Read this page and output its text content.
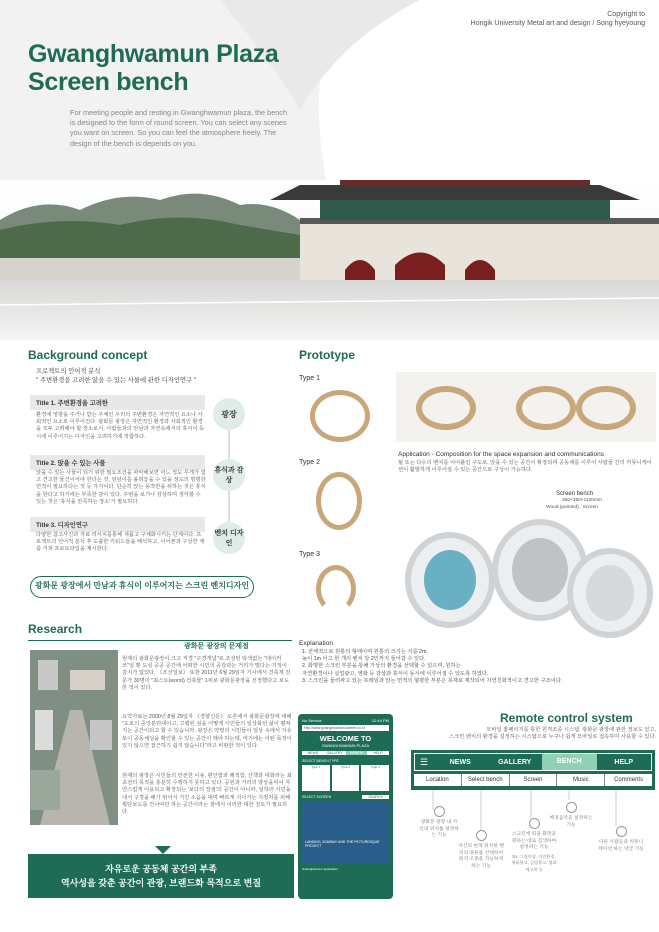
Copyright to
Hongik University Metal art and design / Song hyeyoung
Gwanghwamun Plaza
Screen bench
For meeting people and resting in Gwanghwamun plaza, the bench is designed to the form of round screen. You can select any scenes you want on screen. So you can feel the atmosphere freely. The design of the bench is depends on you.
Background concept
프로젝트의 언어적 분석
" 주변환경을 고려한 앉을 수 있는 사물에 관한 디자인연구 "
Title 1. 주변환경을 고려한
환경에 영향을 주거나 받는 주체인 우리의 주변환경은 자연적인 요소나 사회적인 요소로 이루어진다. 광화문 광장은 자연적인 환경과 사회적인 환경을 모두 고려해야 할 장소로서, 사람들과의 만남과 자연속에서의 휴식이 동시에 이루어지는 디자인을 고려하기에 적합하다.
Title 2. 앉을 수 있는 사물
앉을 수 있는 사물이 되기 위한 필요조건을 파악해보면 어느 정도 무게가 없고 견고한 물건이어야 한다는 것, 엉덩이를 올려놓을 수 있을 정도의 평평한 면적이 필요하다는 것 등 가지이다. 단순히 앉는 동작만을 위하는 것은 휴식을 한다고 하기에는 부족한 감이 있다. 주변을 보거나 감상하며 생각할 수 있는 것은 '휴식을 만족하는 장소'가 필요하다.
Title 3. 디자인연구
다양한 참고사진과 자료 리서치를통해 새롭고 구체화시키는 단계이다. 프로젝트의 언어적 분석 후 도출한 키워드들을 해석하고, 이어폰과 구상한 계를 거쳐 프로토타입을 제시한다.
광장
휴식과 감상
벤치 디자인
광화문 광장에서 만남과 휴식이 이루어지는 스크린 벤치디자인
Prototype
Type 1
Type 2
Type 3
Application - Composition for the space expansion and communications
될 또는 다수의 벤치를 이어붙인 구도로, 앉을 수 있는 공간이 확장되며 공동체를 이루어 사람들 간의 커뮤니케이션이 활발하게 이루어질 수 있는 공간으로 구성이 가능하다.
Screen bench
350×350×1100mm
Wood (painted) , Screen
Explanation
1. 전체적으로 원통의 형태이며 원통의 크기는 지름 2m,
높이 1m 이고 한 개의 벤치 당 2인까지 들어갈 수 있다.
2. 화명한 스크린 부분을 통해 가상의 환경을 선택할 수 있으며, 원하는
자연환경이나 실업광고, 영화 등 감상과 휴식이 동시에 이루어질 수 있도록 하였다.
3. 스크린을 둘러싸고 있는 프레임과 앉는 면적의 형평한 부분은 목재로 제작되어 자연친화적이고 견고한 구조이다.
Research
광화문 광장의 문제점
현재의 광화문광장이 크고 직경 "구경개념"로 조성된 탁색없는 "테이커쓰"일 뿐 도심 공공 공간에 어떠한 시민의 공감과는 거리가 멀다는 지적이 감지가 없었다. 《조선일보》 또한 2011년 6월 29일자 기사에서 건축계 전문가 30명이 "최스토(worst) 건축물" 1위로 광화문광장을 선정했다고 보도한 적이 있다.
요약자료는 2000년 8월 29일자 《경향신문》 토론에서 광화문광장에 대해 "도로의 중앙분리대이고, 고립된 섬을 어떻게 시민들의 일상화된 삶이 펼쳐지는 공간이되고 할 수 있습니까. 광장은 약령의 시민들이 일상 속에서 자유로이 공동체성을 확인할 수 있는 공간이 돼야 하는데, 여기에는 어떤 목적이 있지 않으면 접근하기 쉽지 않습니다"라고 비판한 적이 있다.
현재의 광장은 시민들의 안전한 이용, 편안함과 쾌적함, 산책과 대화라는 최초전의 목적을 충분히 수행하지 못하고 있다. 공원과 거리의 양상을띠어 자연스럽게 이용되고 확장되는 '보다의 장점'의 공간이 아니라, 일하러 시민을 내서 구경을 해가 튀어서 거친 소음을 대며 빠르게 지나가는 지정처를 피해 횡단보도를 건너야만 하는 공간이라는 점에서 이러한 대한 검토가 필요하다.
자유로운 공동체 공간의 부족
역사성을 갖춘 공간이 관광, 브랜드화 목적으로 변질
No Service	12:44 PM
http://www.gwanghwamun-screen.co.kr
WELCOME TO
GWANGHWAMUN PLAZA
NEWS	GALLERY	BENCH	HELP
SELECT BENCH TYPE
Type 1	Type 2	Type 3
SELECT SCREEN	SEARCH
LANDING, BOMBAY AND THE PICTURESQUE PROJECT
Gwanghwamun application
Remote control system
모바일 홈페이지를 통한 원격조종 시스템. 광화문 광장에 관한 정보도 얻고,
스크린 벤치의 환경을 설정하는 시스템으로 누구나 쉽게 모바일로 접속하여 사용할 수 있다.
☰	NEWS	GALLERY	BENCH	HELP
Location	Select bench	Screen	Music	Comments
광화문 광장 내 자신의 위치를 설정하는 기능
자신의 현재 위치한 벤치의 종류를 선택하여 원격 조종을 가능하게 하는 기능
스크린에 띄울 화면을 원하는 대로 검색하여 설정하는 기능
Ex. 그림이점, 자연환경, 영화광고, 실업광고, 영화 예고편 등
배경음악을 설정하는 기능
다른 사람들과 커뮤니케이션 하는 댓글 기능
